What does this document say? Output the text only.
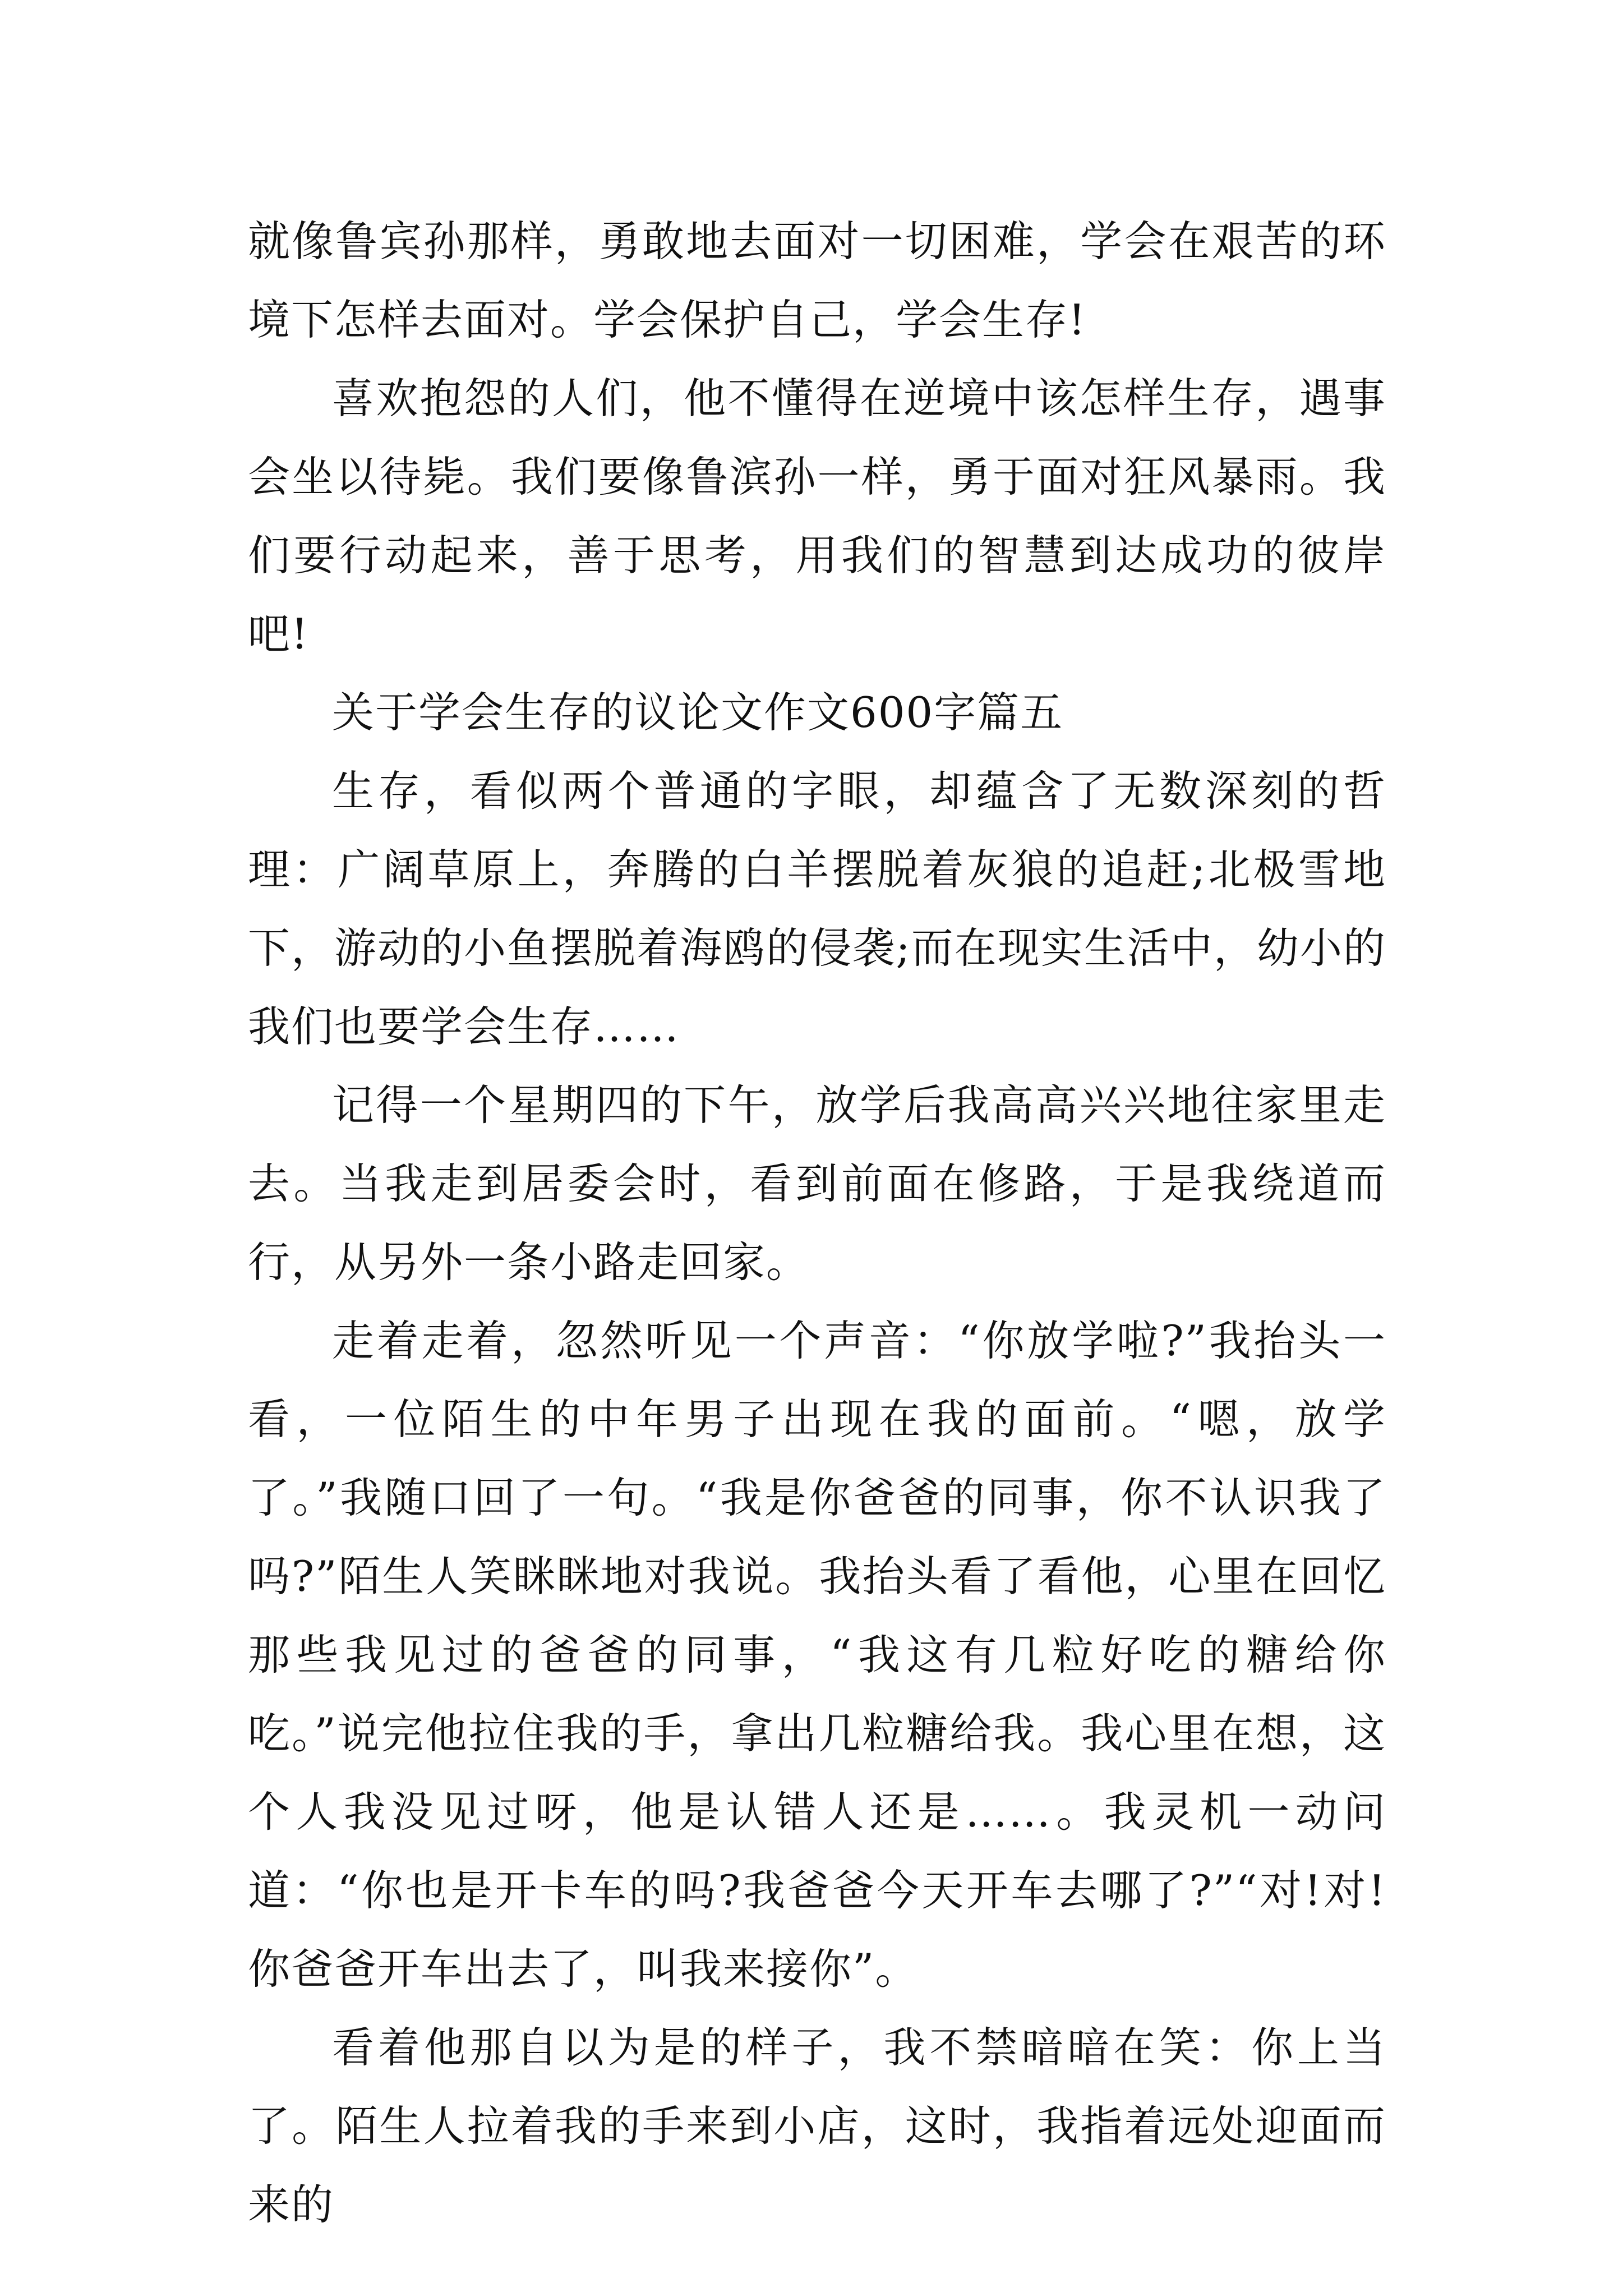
就像鲁宾孙那样，勇敢地去面对一切困难，学会在艰苦的环境下怎样去面对。学会保护自己，学会生存!

喜欢抱怨的人们，他不懂得在逆境中该怎样生存，遇事会坐以待毙。我们要像鲁滨孙一样，勇于面对狂风暴雨。我们要行动起来，善于思考，用我们的智慧到达成功的彼岸吧!

关于学会生存的议论文作文600字篇五

生存，看似两个普通的字眼，却蕴含了无数深刻的哲理：广阔草原上，奔腾的白羊摆脱着灰狼的追赶;北极雪地下，游动的小鱼摆脱着海鸥的侵袭;而在现实生活中，幼小的我们也要学会生存……

记得一个星期四的下午，放学后我高高兴兴地往家里走去。当我走到居委会时，看到前面在修路，于是我绕道而行，从另外一条小路走回家。

走着走着，忽然听见一个声音：“你放学啦?”我抬头一看，一位陌生的中年男子出现在我的面前。“嗯，放学了。”我随口回了一句。“我是你爸爸的同事，你不认识我了吗?”陌生人笑眯眯地对我说。我抬头看了看他，心里在回忆那些我见过的爸爸的同事，“我这有几粒好吃的糖给你吃。”说完他拉住我的手，拿出几粒糖给我。我心里在想，这个人我没见过呀，他是认错人还是……。我灵机一动问道：“你也是开卡车的吗?我爸爸今天开车去哪了?”“对!对!你爸爸开车出去了，叫我来接你”。

看着他那自以为是的样子，我不禁暗暗在笑：你上当了。陌生人拉着我的手来到小店，这时，我指着远处迎面而来的
